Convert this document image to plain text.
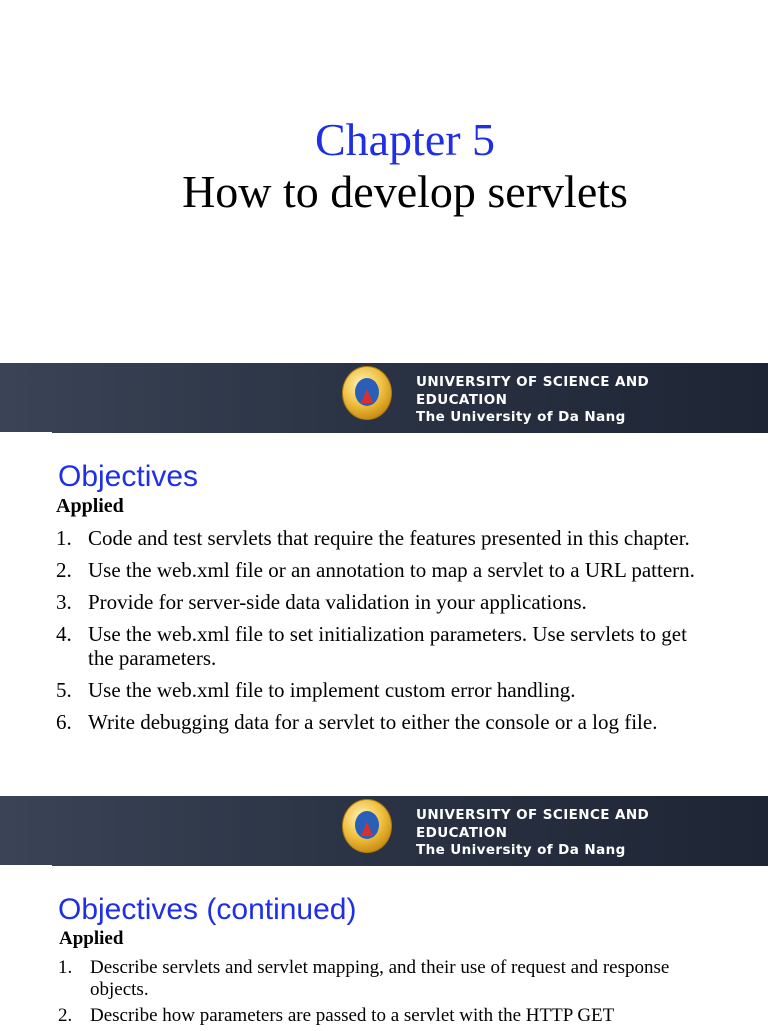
Chapter 5
How to develop servlets
UNIVERSITY OF SCIENCE AND
EDUCATION
The University of Da Nang
Objectives
Applied
1. Code and test servlets that require the features presented in this chapter.
2. Use the web.xml file or an annotation to map a servlet to a URL pattern.
3. Provide for server-side data validation in your applications.
4. Use the web.xml file to set initialization parameters. Use servlets to get the parameters.
5. Use the web.xml file to implement custom error handling.
6. Write debugging data for a servlet to either the console or a log file.
UNIVERSITY OF SCIENCE AND
EDUCATION
The University of Da Nang
Objectives (continued)
Applied
1. Describe servlets and servlet mapping, and their use of request and response objects.
2. Describe how parameters are passed to a servlet with the HTTP GET
